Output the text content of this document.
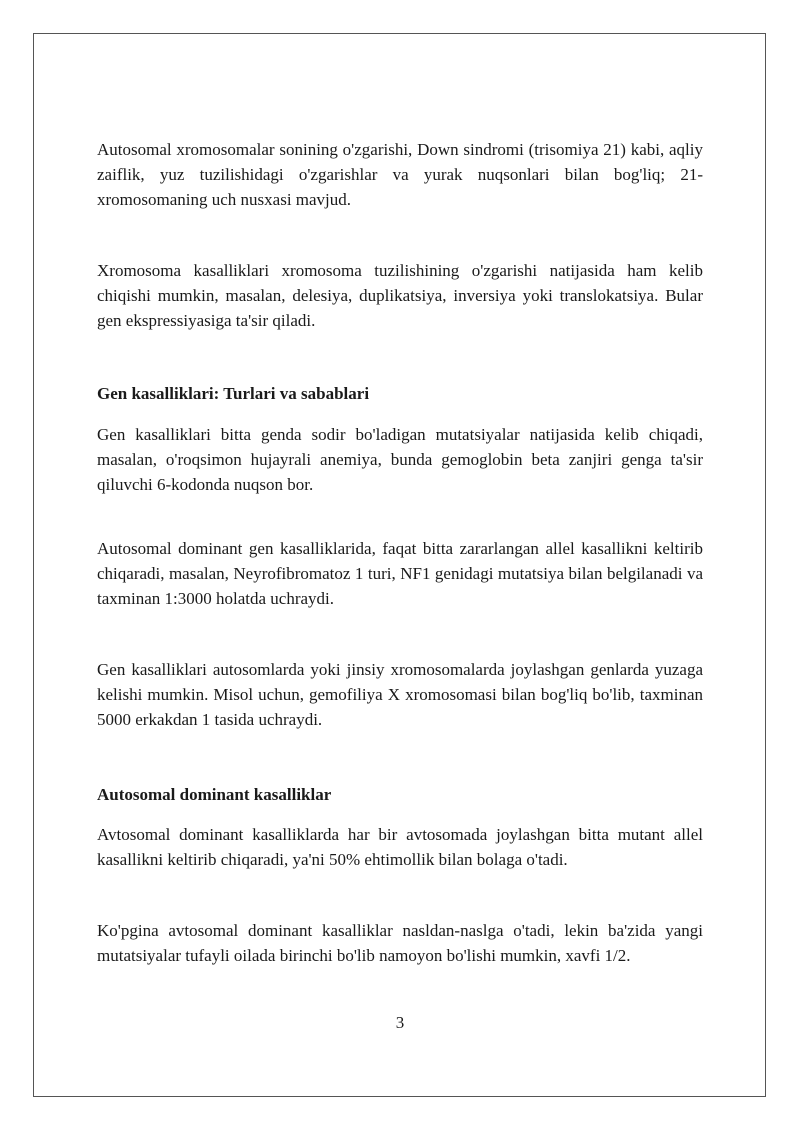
Autosomal xromosomalar sonining o'zgarishi, Down sindromi (trisomiya 21) kabi, aqliy zaiflik, yuz tuzilishidagi o'zgarishlar va yurak nuqsonlari bilan bog'liq; 21-xromosomaning uch nusxasi mavjud.

Xromosoma kasalliklari xromosoma tuzilishining o'zgarishi natijasida ham kelib chiqishi mumkin, masalan, delesiya, duplikatsiya, inversiya yoki translokatsiya. Bular gen ekspressiyasiga ta'sir qiladi.

Gen kasalliklari: Turlari va sabablari

Gen kasalliklari bitta genda sodir bo'ladigan mutatsiyalar natijasida kelib chiqadi, masalan, o'roqsimon hujayrali anemiya, bunda gemoglobin beta zanjiri genga ta'sir qiluvchi 6-kodonda nuqson bor.

Autosomal dominant gen kasalliklarida, faqat bitta zararlangan allel kasallikni keltirib chiqaradi, masalan, Neyrofibromatoz 1 turi, NF1 genidagi mutatsiya bilan belgilanadi va taxminan 1:3000 holatda uchraydi.

Gen kasalliklari autosomlarda yoki jinsiy xromosomalarda joylashgan genlarda yuzaga kelishi mumkin. Misol uchun, gemofiliya X xromosomasi bilan bog'liq bo'lib, taxminan 5000 erkakdan 1 tasida uchraydi.

Autosomal dominant kasalliklar

Avtosomal dominant kasalliklarda har bir avtosomada joylashgan bitta mutant allel kasallikni keltirib chiqaradi, ya'ni 50% ehtimollik bilan bolaga o'tadi.

Ko'pgina avtosomal dominant kasalliklar nasldan-naslga o'tadi, lekin ba'zida yangi mutatsiyalar tufayli oilada birinchi bo'lib namoyon bo'lishi mumkin, xavfi 1/2.

3
